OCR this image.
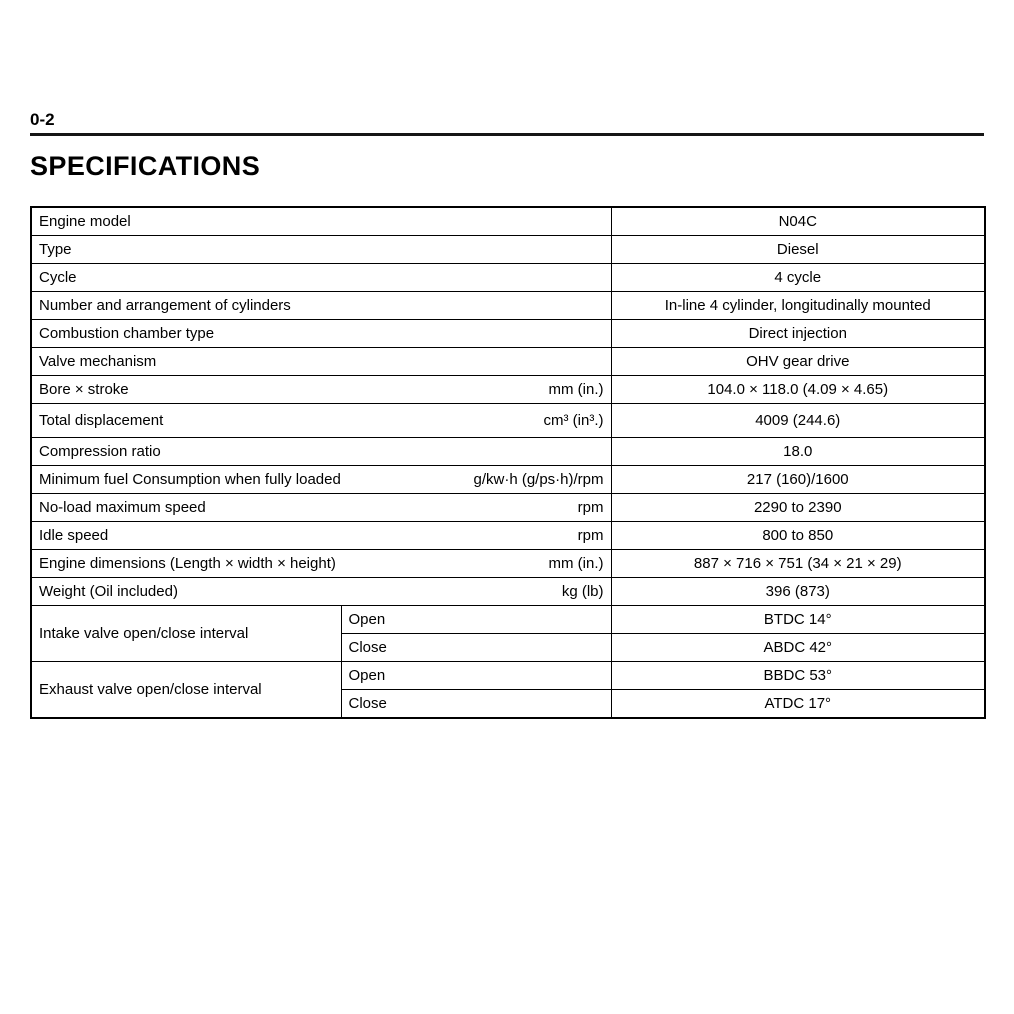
0-2
SPECIFICATIONS
Engine model		N04C

Type		Diesel

Cycle		4 cycle

Number and arrangement of cylinders		In-line 4 cylinder, longitudinally mounted

Combustion chamber type		Direct injection

Valve mechanism		OHV gear drive

Bore × stroke mm (in.)		104.0 × 118.0 (4.09 × 4.65)

Total displacement cm³ (in³.)		4009 (244.6)

Compression ratio		18.0

Minimum fuel Consumption when fully loaded g/kw·h (g/ps·h)/rpm		217 (160)/1600

No-load maximum speed rpm		2290 to 2390

Idle speed rpm		800 to 850

Engine dimensions (Length × width × height) mm (in.)		887 × 716 × 751 (34 × 21 × 29)

Weight (Oil included) kg (lb)		396 (873)
Intake valve open/close interval	Open	BTDC 14°
	Close	ABDC 42°
Exhaust valve open/close interval	Open	BBDC 53°
	Close	ATDC 17°
